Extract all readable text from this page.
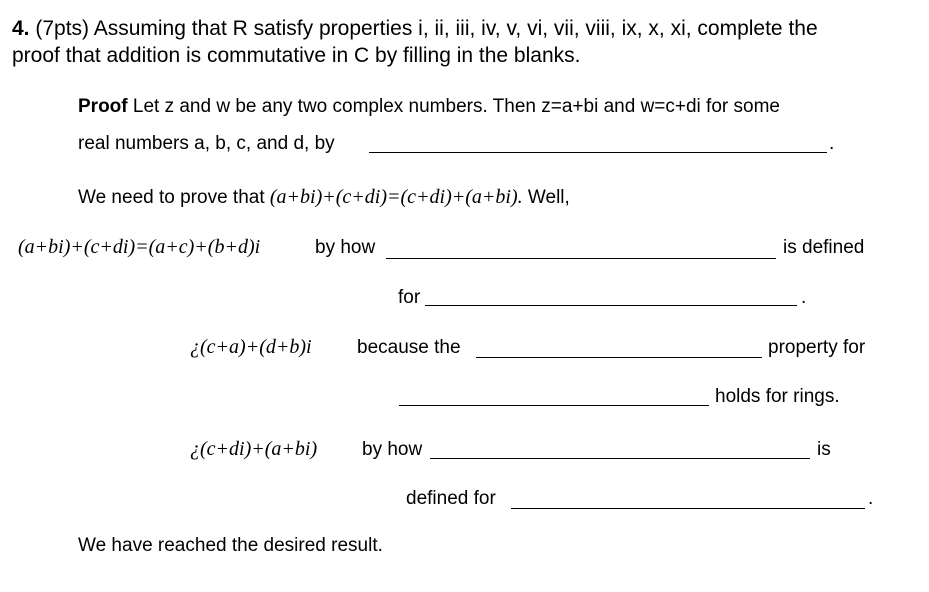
4. (7pts) Assuming that R satisfy properties i, ii, iii, iv, v, vi, vii, viii, ix, x, xi, complete the
proof that addition is commutative in C by filling in the blanks.
Proof Let z and w be any two complex numbers. Then z=a+bi and w=c+di for some
real numbers a, b, c, and d, by	.
We need to prove that (a+bi)+(c+di)=(c+di)+(a+bi). Well,
(a+bi)+(c+di)=(a+c)+(b+d)i	by how	is defined
for	.
¿(c+a)+(d+b)i because the	property for
holds for rings.
¿(c+di)+(a+bi) by how	is
defined for	.
We have reached the desired result.
